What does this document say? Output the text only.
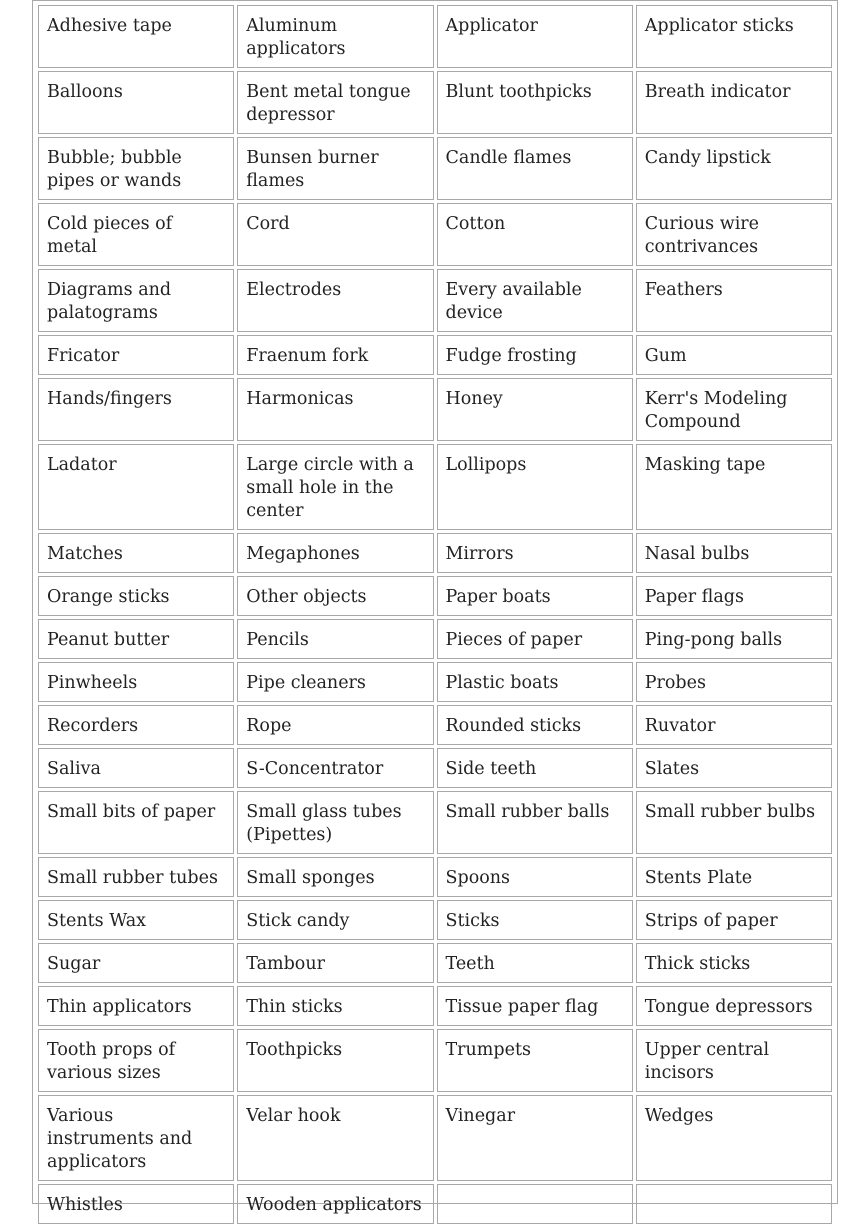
Adhesive tape	Aluminum applicators	Applicator	Applicator sticks
Balloons	Bent metal tongue depressor	Blunt toothpicks	Breath indicator
Bubble; bubble pipes or wands	Bunsen burner flames	Candle flames	Candy lipstick
Cold pieces of metal	Cord	Cotton	Curious wire contrivances
Diagrams and palatograms	Electrodes	Every available device	Feathers
Fricator	Fraenum fork	Fudge frosting	Gum
Hands/fingers	Harmonicas	Honey	Kerr's Modeling Compound
Ladator	Large circle with a small hole in the center	Lollipops	Masking tape
Matches	Megaphones	Mirrors	Nasal bulbs
Orange sticks	Other objects	Paper boats	Paper flags
Peanut butter	Pencils	Pieces of paper	Ping-pong balls
Pinwheels	Pipe cleaners	Plastic boats	Probes
Recorders	Rope	Rounded sticks	Ruvator
Saliva	S-Concentrator	Side teeth	Slates
Small bits of paper	Small glass tubes (Pipettes)	Small rubber balls	Small rubber bulbs
Small rubber tubes	Small sponges	Spoons	Stents Plate
Stents Wax	Stick candy	Sticks	Strips of paper
Sugar	Tambour	Teeth	Thick sticks
Thin applicators	Thin sticks	Tissue paper flag	Tongue depressors
Tooth props of various sizes	Toothpicks	Trumpets	Upper central incisors
Various instruments and applicators	Velar hook	Vinegar	Wedges
Whistles	Wooden applicators		
